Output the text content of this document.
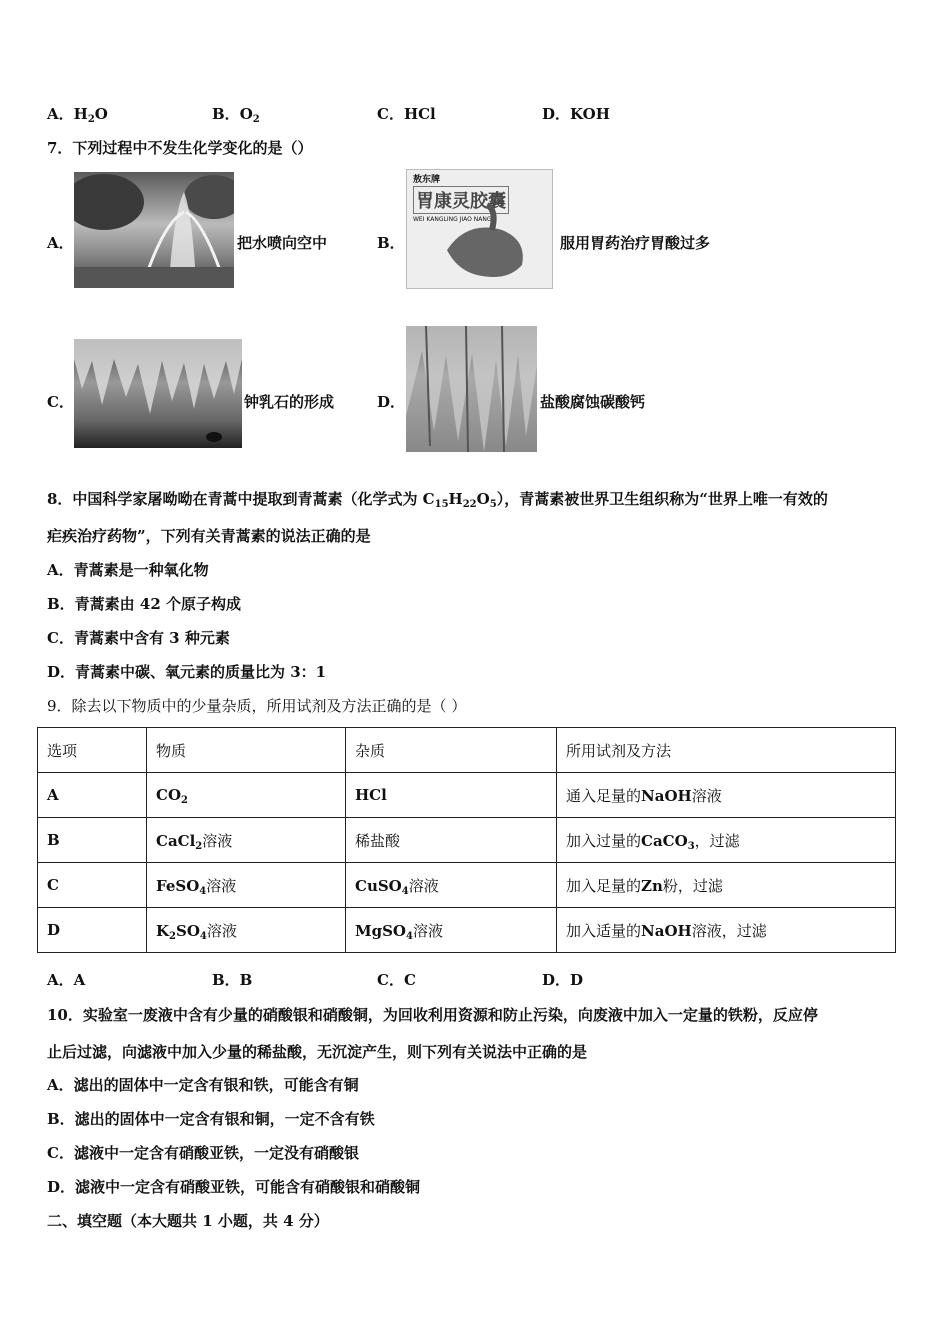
A．$H_2O$	B．$O_2$	C．HCl	D．KOH
7．下列过程中不发生化学变化的是（）
A．	把水喷向空中	B．
敖东牌
胃康灵胶囊
WEI KANGLING JIAO NANG
服用胃药治疗胃酸过多
C．	钟乳石的形成	D．	盐酸腐蚀碳酸钙
8．中国科学家屠呦呦在青蒿中提取到青蒿素（化学式为 $C_{15}H_{22}O_5$），青蒿素被世界卫生组织称为“世界上唯一有效的
疟疾治疗药物”，下列有关青蒿素的说法正确的是
A．青蒿素是一种氧化物
B．青蒿素由 42 个原子构成
C．青蒿素中含有 3 种元素
D．青蒿素中碳、氧元素的质量比为 3：1
9．除去以下物质中的少量杂质，所用试剂及方法正确的是（ ）
选项	物质	杂质	所用试剂及方法
A	$CO_2$	HCl	通入足量的NaOH溶液
B	CaCl$_2$溶液	稀盐酸	加入过量的CaCO$_3$，过滤
C	FeSO$_4$溶液	CuSO$_4$溶液	加入足量的Zn粉，过滤
D	$K_2SO_4$溶液	MgSO$_4$溶液	加入适量的NaOH溶液，过滤
A．A	B．B	C．C	D．D
10．实验室一废液中含有少量的硝酸银和硝酸铜，为回收利用资源和防止污染，向废液中加入一定量的铁粉，反应停
止后过滤，向滤液中加入少量的稀盐酸，无沉淀产生，则下列有关说法中正确的是
A．滤出的固体中一定含有银和铁，可能含有铜
B．滤出的固体中一定含有银和铜，一定不含有铁
C．滤液中一定含有硝酸亚铁，一定没有硝酸银
D．滤液中一定含有硝酸亚铁，可能含有硝酸银和硝酸铜
二、填空题（本大题共 1 小题，共 4 分）
